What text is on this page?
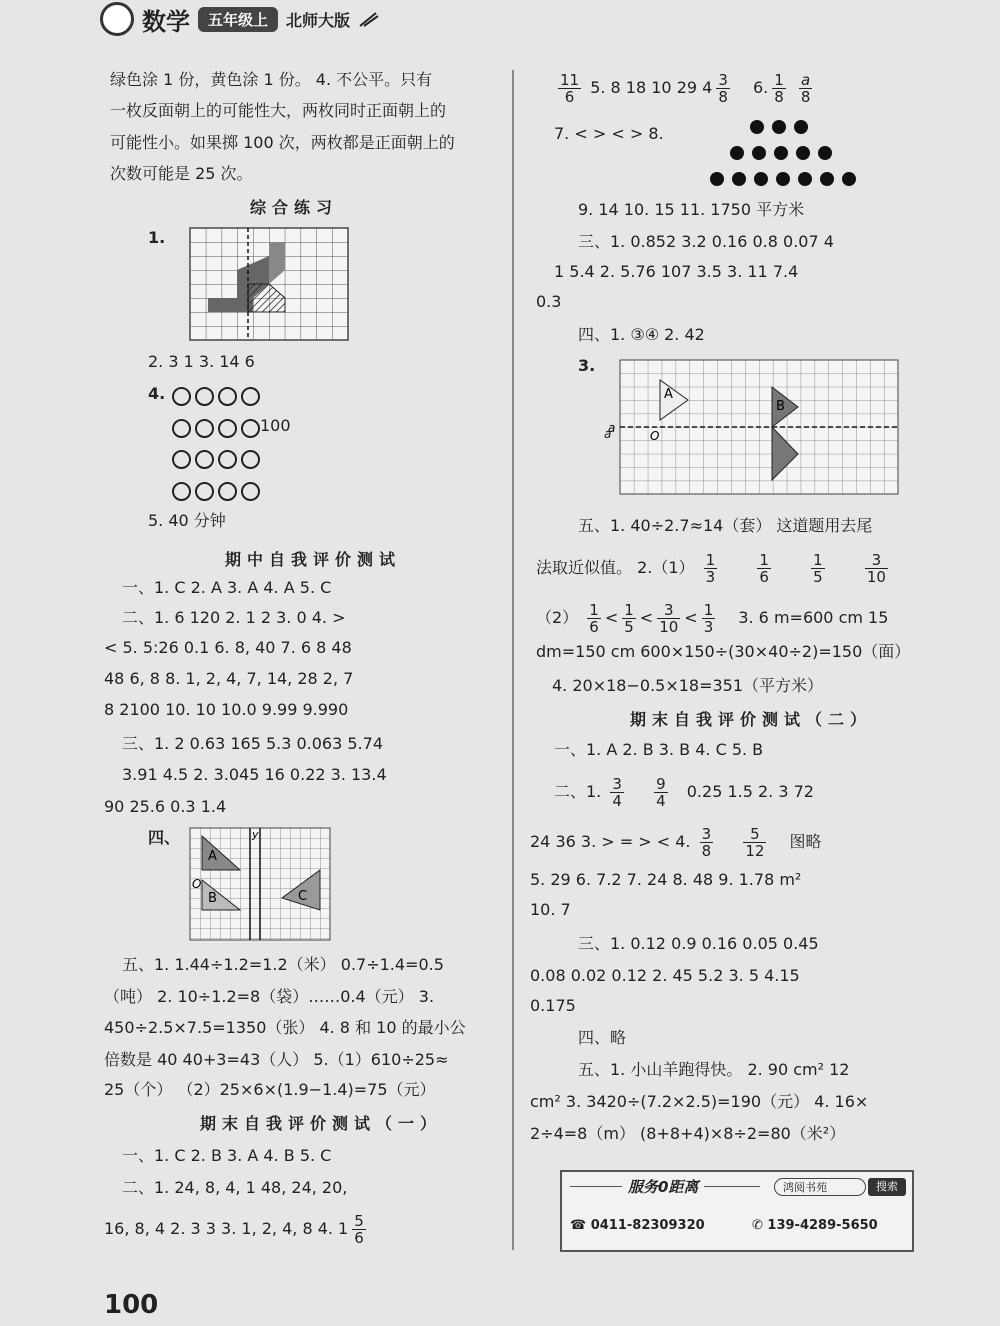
数学	五年级上	北师大版
绿色涂 1 份，黄色涂 1 份。 4. 不公平。只有
一枚反面朝上的可能性大，两枚同时正面朝上的
可能性小。如果掷 100 次，两枚都是正面朝上的
次数可能是 25 次。
综合练习
1.
2. 3 1 3. 14 6
4.
100
5. 40 分钟
期中自我评价测试
一、1. C 2. A 3. A 4. A 5. C
二、1. 6 120 2. 1 2 3. 0 4. >
< 5. 5:26 0.1 6. 8, 40 7. 6 8 48
48 6, 8 8. 1, 2, 4, 7, 14, 28 2, 7
8 2100 10. 10 10.0 9.99 9.990
三、1. 2 0.63 165 5.3 0.063 5.74
3.91 4.5 2. 3.045 16 0.22 3. 13.4
90 25.6 0.3 1.4
四、
A
B	C
O
y
五、1. 1.44÷1.2=1.2（米） 0.7÷1.4=0.5
（吨） 2. 10÷1.2=8（袋）……0.4（元） 3.
450÷2.5×7.5=1350（张） 4. 8 和 10 的最小公
倍数是 40 40+3=43（人） 5.（1）610÷25≈
25（个） （2）25×6×(1.9−1.4)=75（元）
期末自我评价测试（一）
一、1. C 2. B 3. A 4. B 5. C
二、1. 24, 8, 4, 1 48, 24, 20,
16, 8, 4 2. 3 3 3. 1, 2, 4, 8 4. $1 \frac{5}{6}$
$\frac{11}{6} 5$. 8 18 10 29 $4 \frac{3}{8} 6$. $\frac{1}{8}$
$\frac{a}{8}$
7. < > < > 8.
9. 14 10. 15 11. 1750 平方米
三、1. 0.852 3.2 0.16 0.8 0.07 4
1 5.4 2. 5.76 107 3.5 3. 11 7.4
0.3
四、1. ③④ 2. 42
3.
A
B
a
O
a
五、1. 40÷2.7≈14（套） 这道题用去尾
法取近似值。 $2.(1) \frac{1}{3}$
	$\frac{1}{6}$
	$\frac{1}{5}$
	$\frac{3}{10}$
$(2) \frac{1}{6} < \frac{1}{5} < \frac{3}{10} < \frac{1}{3} 3$. 6 m=600 cm 15
dm=150 cm 600×150÷(30×40÷2)=150（面）
4. 20×18−0.5×18=351（平方米）
期末自我评价测试（二）
一、1. A 2. B 3. B 4. C 5. B
二、1. $\frac{3}{4}$
$\frac{9}{4} 0.25$ 1.5 2. 3 72
24 36 3. > = > < 4. $\frac{3}{8}$
$\frac{5}{12}$ 图略
5. 29 6. 7.2 7. 24 8. 48 9. 1.78 m²
10. 7
三、1. 0.12 0.9 0.16 0.05 0.45
0.08 0.02 0.12 2. 45 5.2 3. 5 4.15
0.175
四、略
五、1. 小山羊跑得快。 2. 90 cm² 12
cm² 3. 3420÷(7.2×2.5)=190（元） 4. 16×
2÷4=8（m） (8+8+4)×8÷2=80（米²）
服务0距离	鸿阅书苑	搜索
☎ 0411-82309320	✆ 139-4289-5650
100
